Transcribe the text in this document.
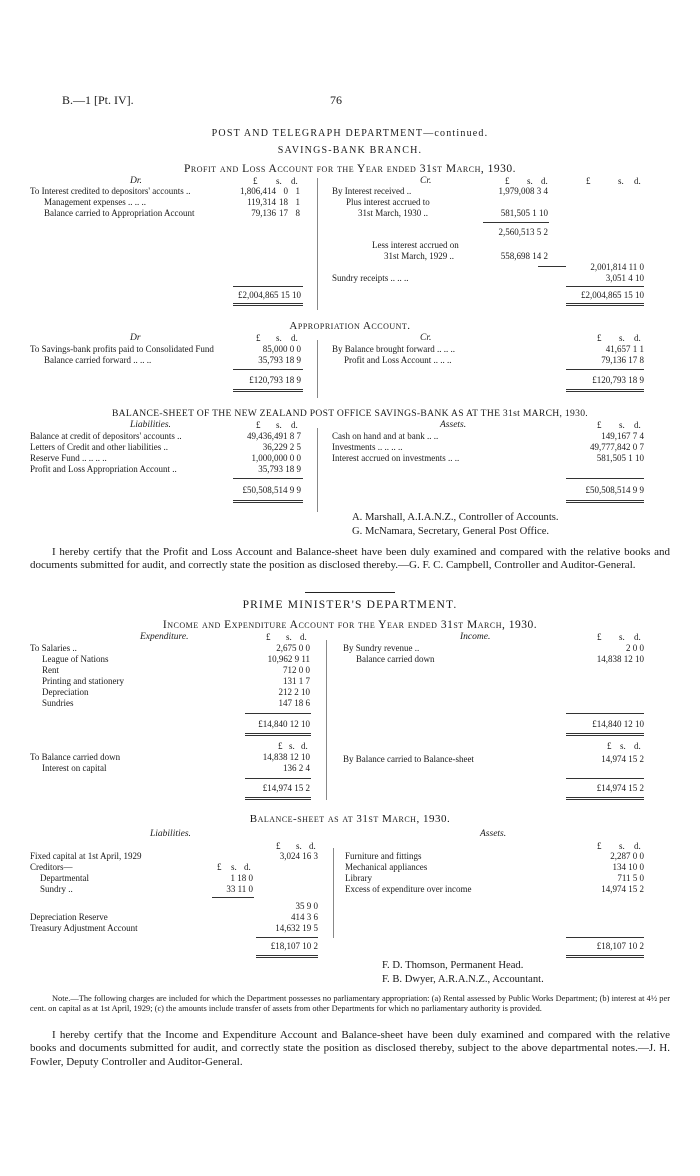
B.—1 [Pt. IV].	76
POST AND TELEGRAPH DEPARTMENT—continued.
SAVINGS-BANK BRANCH.
Profit and Loss Account for the Year ended 31st March, 1930.
Dr.	£ s. d.	Cr.	£ s. d.	£	s. d.
To Interest credited to depositors' accounts ..	1,806,414 0 1
Management expenses .. .. ..	119,314 18 1
Balance carried to Appropriation Account	79,136 17 8
£2,004,865 15 10
By Interest received ..	1,979,008 3 4
Plus interest accrued to
31st March, 1930 ..	581,505 1 10
2,560,513 5 2
Less interest accrued on
31st March, 1929 ..	558,698 14 2
2,001,814 11 0
Sundry receipts .. .. ..	3,051 4 10
£2,004,865 15 10
Appropriation Account.
Dr	£ s. d.	Cr.	£ s. d.
To Savings-bank profits paid to Consolidated Fund	85,000 0 0
Balance carried forward .. .. ..	35,793 18 9
£120,793 18 9
By Balance brought forward .. .. ..	41,657 1 1
Profit and Loss Account .. .. ..	79,136 17 8
£120,793 18 9
BALANCE-SHEET OF THE NEW ZEALAND POST OFFICE SAVINGS-BANK AS AT THE 31st MARCH, 1930.
Liabilities.	£ s. d.	Assets.	£ s. d.
Balance at credit of depositors' accounts ..	49,436,491 8 7
Letters of Credit and other liabilities ..	36,229 2 5
Reserve Fund .. .. .. ..	1,000,000 0 0
Profit and Loss Appropriation Account ..	35,793 18 9
£50,508,514 9 9
Cash on hand and at bank .. ..	149,167 7 4
Investments .. .. .. ..	49,777,842 0 7
Interest accrued on investments .. ..	581,505 1 10
£50,508,514 9 9
A. Marshall, A.I.A.N.Z., Controller of Accounts.
G. McNamara, Secretary, General Post Office.
I hereby certify that the Profit and Loss Account and Balance-sheet have been duly examined and compared with the relative books and documents submitted for audit, and correctly state the position as disclosed thereby.—G. F. C. Campbell, Controller and Auditor-General.
PRIME MINISTER'S DEPARTMENT.
Income and Expenditure Account for the Year ended 31st March, 1930.
Expenditure.	£ s. d.	Income.	£ s. d.
To Salaries ..	2,675 0 0
League of Nations	10,962 9 11
Rent	712 0 0
Printing and stationery	131 1 7
Depreciation	212 2 10
Sundries	147 18 6
£14,840 12 10
£ s. d.
To Balance carried down	14,838 12 10
Interest on capital	136 2 4
£14,974 15 2
By Sundry revenue ..	2 0 0
Balance carried down	14,838 12 10
£14,840 12 10
£ s. d.
By Balance carried to Balance-sheet	14,974 15 2
£14,974 15 2
Balance-sheet as at 31st March, 1930.
Liabilities.	Assets.
£ s. d.	£ s. d.
Fixed capital at 1st April, 1929	3,024 16 3
Creditors—	£ s. d.
Departmental	1 18 0
Sundry ..	33 11 0
35 9 0
Depreciation Reserve	414 3 6
Treasury Adjustment Account	14,632 19 5
£18,107 10 2
Furniture and fittings	2,287 0 0
Mechanical appliances	134 10 0
Library	711 5 0
Excess of expenditure over income	14,974 15 2
£18,107 10 2
F. D. Thomson, Permanent Head.
F. B. Dwyer, A.R.A.N.Z., Accountant.
Note.—The following charges are included for which the Department possesses no parliamentary appropriation: (a) Rental assessed by Public Works Department; (b) interest at 4½ per cent. on capital as at 1st April, 1929; (c) the amounts include transfer of assets from other Departments for which no parliamentary authority is provided.
I hereby certify that the Income and Expenditure Account and Balance-sheet have been duly examined and compared with the relative books and documents submitted for audit, and correctly state the position as disclosed thereby, subject to the above departmental notes.—J. H. Fowler, Deputy Controller and Auditor-General.
